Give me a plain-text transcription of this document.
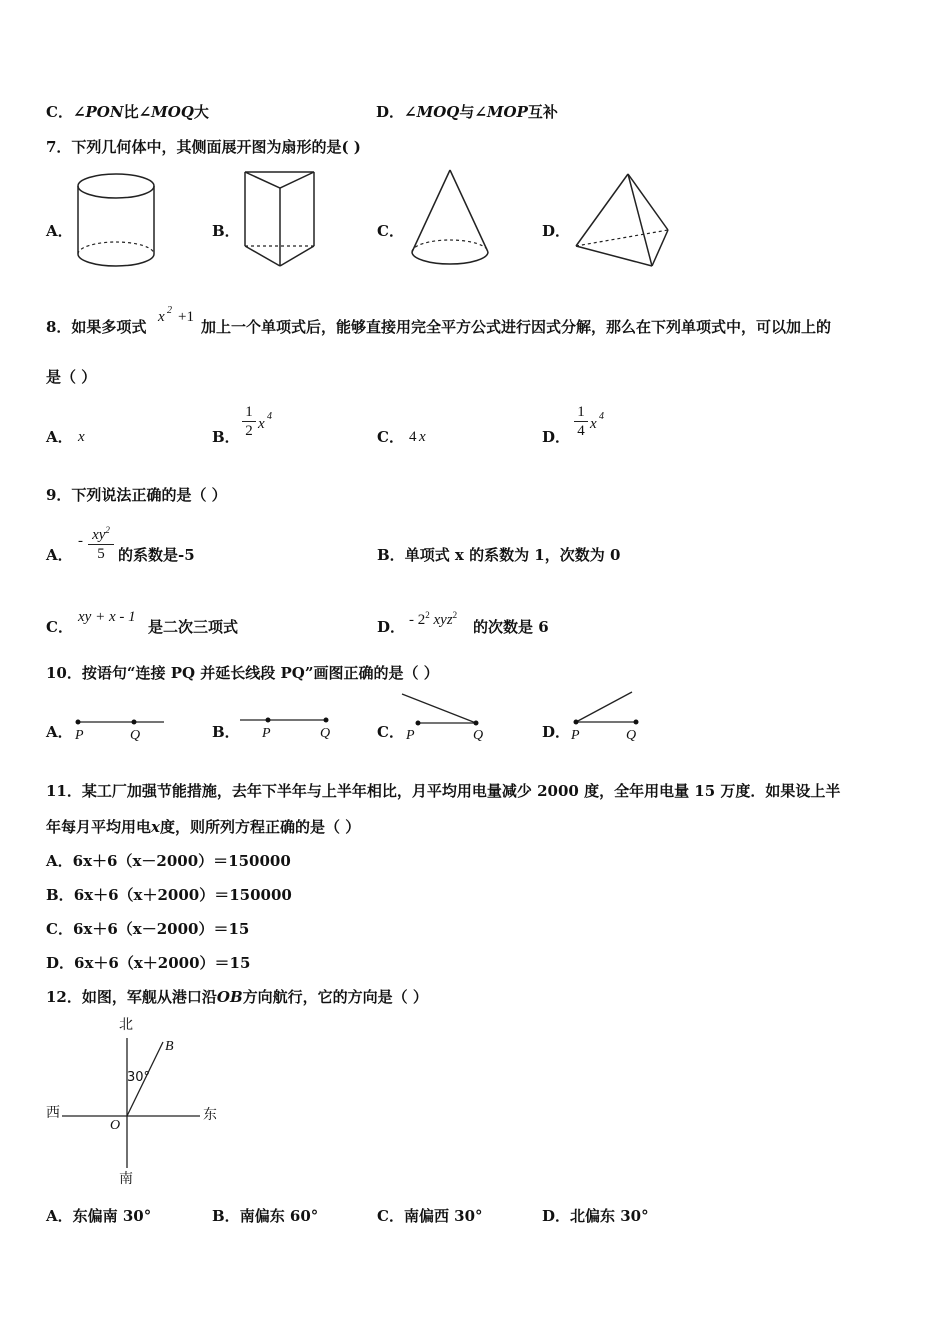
C．∠PON比∠MOQ大	D．∠MOQ与∠MOP互补
7．下列几何体中，其侧面展开图为扇形的是( )
A．	B．	C．	D．
8．如果多项式
x 2 +1
加上一个单项式后，能够直接用完全平方公式进行因式分解，那么在下列单项式中，可以加上的
是（ ）
A． x	B． $\frac{1}{2}$ x 4
C． 4 x	D． $\frac{1}{4}$ x 4
9．下列说法正确的是（ ）
A．
- $\frac{xy^2}{5}$ 的系数是-5	B．单项式 x 的系数为 1，次数为 0
C．
xy + x - 1
是二次三项式	D． - $2^2$ xyz$^2$
的次数是 6
10．按语句“连接 PQ 并延长线段 PQ”画图正确的是（ ）
A． P	Q	B． P	Q	C． P	Q	D． P	Q
11．某工厂加强节能措施，去年下半年与上半年相比，月平均用电量减少 2000 度，全年用电量 15 万度．如果设上半
年每月平均用电x度，则所列方程正确的是（ ）
A．6x＋6（x－2000）＝150000
B．6x＋6（x＋2000）＝150000
C．6x＋6（x－2000）＝15
D．6x＋6（x＋2000）＝15
12．如图，军舰从港口沿OB方向航行，它的方向是（ ）
北
南
西	东
O
B
30°
A．东偏南 30°	B．南偏东 60°	C．南偏西 30°	D．北偏东 30°
